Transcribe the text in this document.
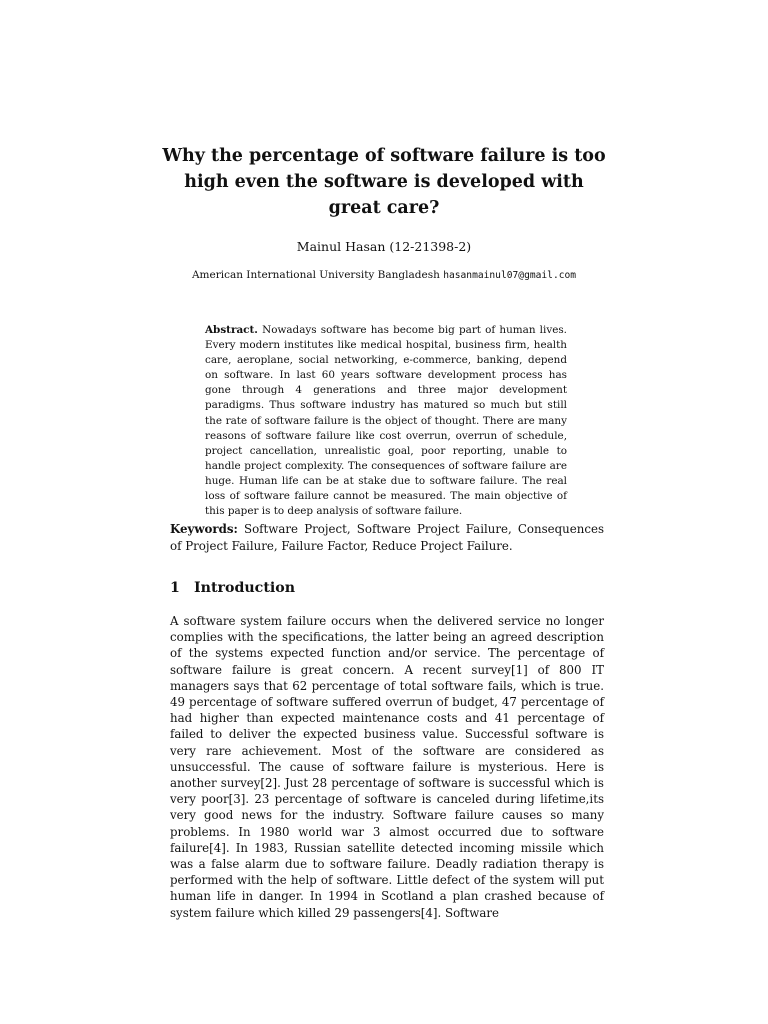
Why the percentage of software failure is too high even the software is developed with great care?
Mainul Hasan (12-21398-2)
American International University Bangladesh hasanmainul07@gmail.com
Abstract. Nowadays software has become big part of human lives. Every modern institutes like medical hospital, business firm, health care, aeroplane, social networking, e-commerce, banking, depend on software. In last 60 years software development process has gone through 4 generations and three major development paradigms. Thus software industry has matured so much but still the rate of software failure is the object of thought. There are many reasons of software failure like cost overrun, overrun of schedule, project cancellation, unrealistic goal, poor reporting, unable to handle project complexity. The consequences of software failure are huge. Human life can be at stake due to software failure. The real loss of software failure cannot be measured. The main objective of this paper is to deep analysis of software failure.
Keywords: Software Project, Software Project Failure, Consequences of Project Failure, Failure Factor, Reduce Project Failure.
1 Introduction
A software system failure occurs when the delivered service no longer complies with the specifications, the latter being an agreed description of the systems expected function and/or service. The percentage of software failure is great concern. A recent survey[1] of 800 IT managers says that 62 percentage of total software fails, which is true. 49 percentage of software suffered overrun of budget, 47 percentage of had higher than expected maintenance costs and 41 percentage of failed to deliver the expected business value. Successful software is very rare achievement. Most of the software are considered as unsuccessful. The cause of software failure is mysterious. Here is another survey[2]. Just 28 percentage of software is successful which is very poor[3]. 23 percentage of software is canceled during lifetime,its very good news for the industry. Software failure causes so many problems. In 1980 world war 3 almost occurred due to software failure[4]. In 1983, Russian satellite detected incoming missile which was a false alarm due to software failure. Deadly radiation therapy is performed with the help of software. Little defect of the system will put human life in danger. In 1994 in Scotland a plan crashed because of system failure which killed 29 passengers[4]. Software
